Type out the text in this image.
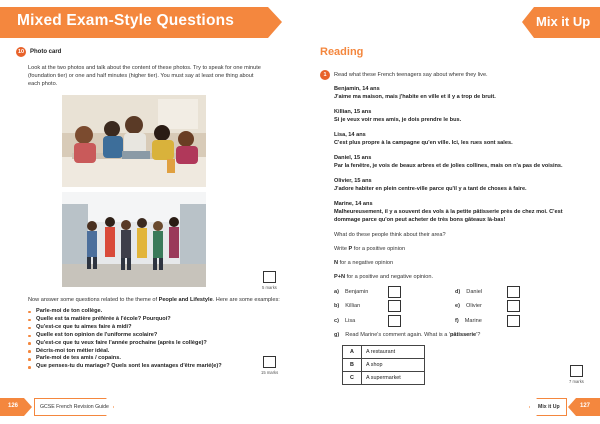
Mixed Exam-Style Questions	Mix it Up
10 Photo card
Look at the two photos and talk about the content of these photos. Try to speak for one minute
(foundation tier) or one and half minutes (higher tier). You must say at least one thing about
each photo.
5 marks
Now answer some questions related to the theme of People and Lifestyle. Here are some examples:
Parle-moi de ton collège.
Quelle est ta matière préférée à l'école? Pourquoi?
Qu'est-ce que tu aimes faire à midi?
Quelle est ton opinion de l'uniforme scolaire?
Qu'est-ce que tu veux faire l'année prochaine (après le collège)?
Décris-moi ton métier idéal.
Parle-moi de tes amis / copains.
Que penses-tu du mariage? Quels sont les avantages d'être marié(e)?
15 marks
Reading
1	Read what these French teenagers say about where they live.
Benjamin, 14 ans
J'aime ma maison, mais j'habite en ville et il y a trop de bruit.
Killian, 15 ans
Si je veux voir mes amis, je dois prendre le bus.
Lisa, 14 ans
C'est plus propre à la campagne qu'en ville. Ici, les rues sont sales.
Daniel, 15 ans
Par la fenêtre, je vois de beaux arbres et de jolies collines, mais on n'a pas de voisins.
Olivier, 15 ans
J'adore habiter en plein centre-ville parce qu'il y a tant de choses à faire.
Marine, 14 ans
Malheureusement, il y a souvent des vols à la petite pâtisserie près de chez moi. C'est
dommage parce qu'on peut acheter de très bons gâteaux là-bas!
What do these people think about their area?
Write P for a positive opinion
N for a negative opinion
P+N for a positive and negative opinion.
a) Benjamin
b) Killian
c) Lisa
d) Daniel
e) Olivier
f) Marine
g) Read Marine's comment again. What is a 'pâtisserie'?
A	A restaurant
B	A shop
C	A supermarket
7 marks
126	GCSE French Revision Guide	Mix it Up	127
